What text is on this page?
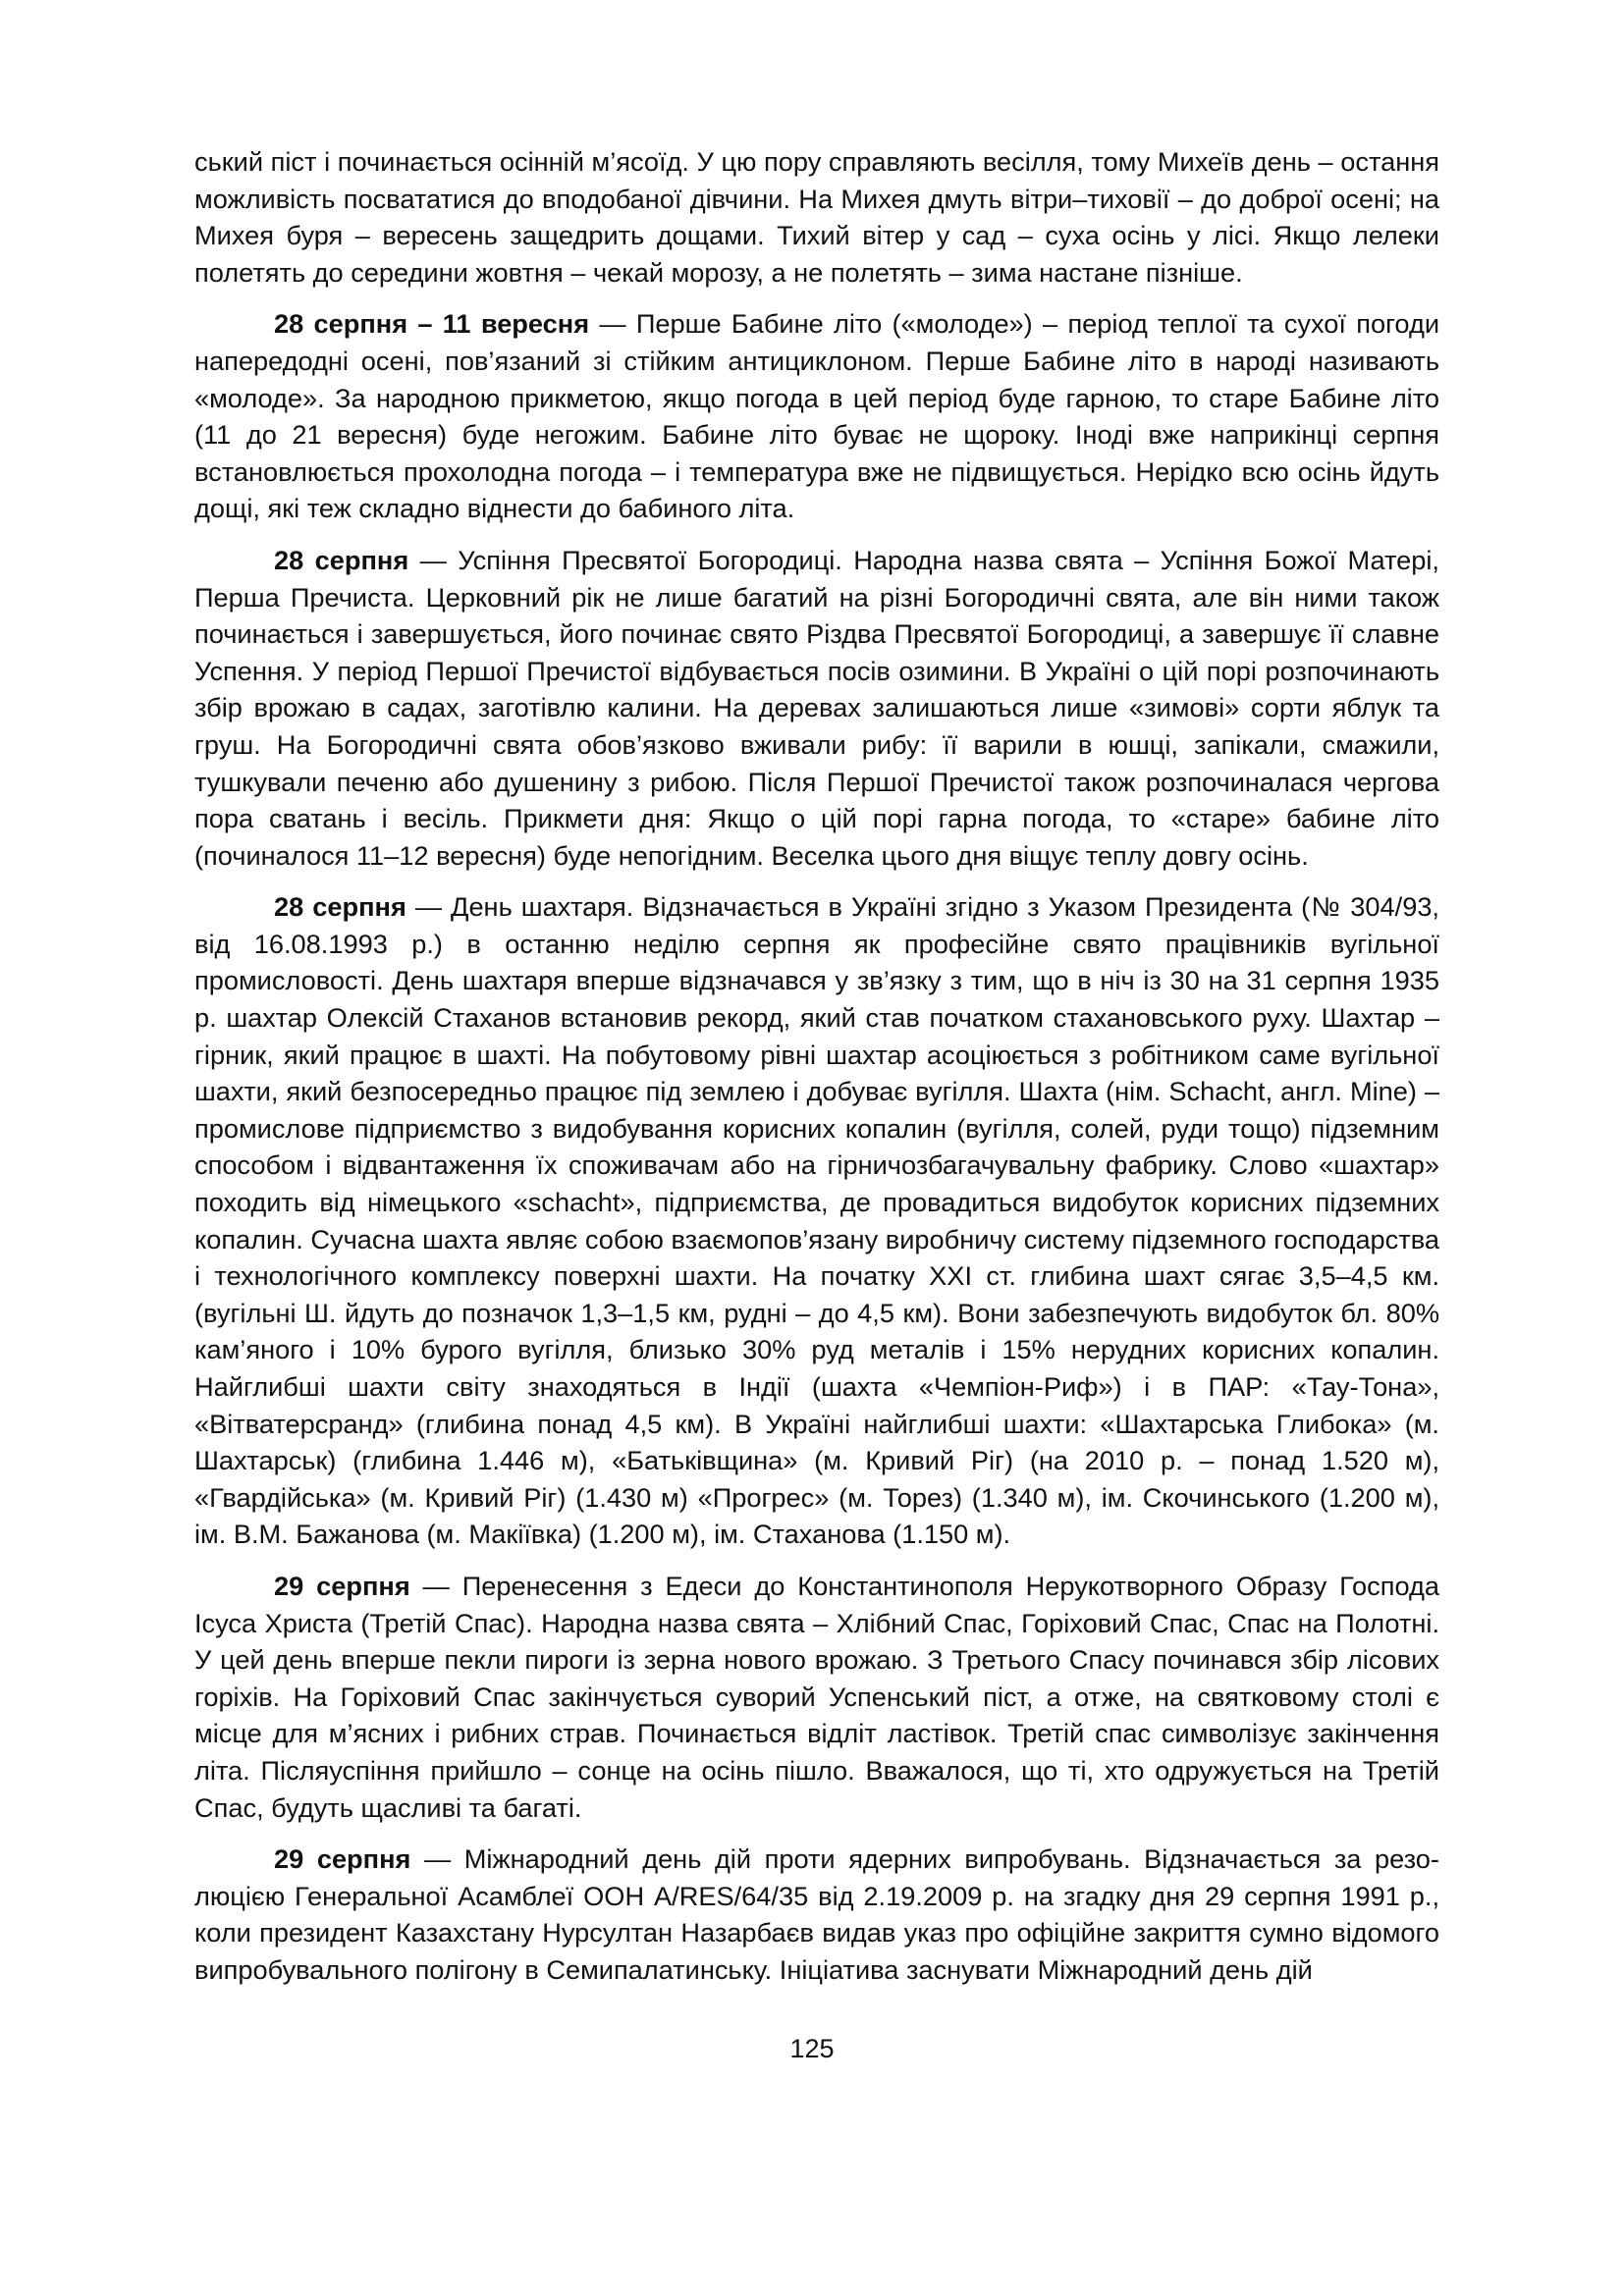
ський піст і починається осінній м’ясоїд. У цю пору справляють весілля, тому Михеїв день – остання можливість посвататися до вподобаної дівчини. На Михея дмуть вітри–тиховії – до доброї осені; на Михея буря – вересень защедрить дощами. Тихий вітер у сад – суха осінь у лісі. Якщо лелеки полетять до середини жовтня – чекай морозу, а не полетять – зима настане пізніше.

28 серпня – 11 вересня — Перше Бабине літо («молоде») – період теплої та сухої погоди напередодні осені, пов’язаний зі стійким антициклоном. Перше Бабине літо в народі називають «молоде». За народною прикметою, якщо погода в цей період буде гарною, то старе Бабине літо (11 до 21 вересня) буде негожим. Бабине літо буває не щороку. Іноді вже наприкінці серпня встановлюється прохолодна погода – і температура вже не підвищується. Нерідко всю осінь йдуть дощі, які теж складно віднести до бабиного літа.

28 серпня — Успіння Пресвятої Богородиці. Народна назва свята – Успіння Божої Матері, Перша Пречиста. Церковний рік не лише багатий на різні Богородичні свята, але він ними також починається і завершується, його починає свято Різдва Пресвятої Богородиці, а завершує її славне Успення. У період Першої Пречистої відбувається посів озимини. В Україні о цій порі розпочинають збір врожаю в садах, заготівлю калини. На деревах залишаються лише «зимові» сорти яблук та груш. На Богородичні свята обов’язково вживали рибу: її варили в юшці, запікали, смажили, тушкували печеню або душенину з рибою. Після Першої Пречистої також розпочиналася чергова пора сватань і весіль. Прикмети дня: Якщо о цій порі гарна погода, то «старе» бабине літо (починалося 11–12 вересня) буде непогідним. Веселка цього дня віщує теплу довгу осінь.

28 серпня — День шахтаря. Відзначається в Україні згідно з Указом Президента (№ 304/93, від 16.08.1993 р.) в останню неділю серпня як професійне свято працівників вугільної промисловості. День шахтаря вперше відзначався у зв’язку з тим, що в ніч із 30 на 31 серпня 1935 р. шахтар Олексій Стаханов встановив рекорд, який став початком стахановського руху. Шахтар – гірник, який працює в шахті. На побутовому рівні шахтар асоціюється з робітником саме вугільної шахти, який безпосередньо працює під землею і добуває вугілля. Шахта (нім. Schacht, англ. Mine) – промислове підприємство з видобування корисних копалин (вугілля, солей, руди тощо) підземним способом і відвантаження їх споживачам або на гірничозбагачувальну фабрику. Слово «шахтар» походить від німецького «schacht», підприємства, де провадиться видобуток корисних підземних копалин. Сучасна шахта являє собою взаємопов’язану виробничу систему підземного господарства і технологічного комплексу поверхні шахти. На початку XXI ст. глибина шахт сягає 3,5–4,5 км. (вугільні Ш. йдуть до позначок 1,3–1,5 км, рудні – до 4,5 км). Вони забезпечують видобуток бл. 80% кам’яного і 10% бурого вугілля, близько 30% руд металів і 15% нерудних корисних копалин. Найглибші шахти світу знаходяться в Індії (шахта «Чемпіон-Риф») і в ПАР: «Тау-Тона», «Вітватерсранд» (глибина понад 4,5 км). В Україні найглибші шахти: «Шахтарська Глибока» (м. Шахтарськ) (глибина 1.446 м), «Батьківщина» (м. Кривий Ріг) (на 2010 р. – понад 1.520 м), «Гвардійська» (м. Кривий Ріг) (1.430 м) «Прогрес» (м. Торез) (1.340 м), ім. Скочинського (1.200 м), ім. В.М. Бажанова (м. Макіївка) (1.200 м), ім. Стаханова (1.150 м).

29 серпня — Перенесення з Едеси до Константинополя Нерукотворного Образу Господа Ісуса Христа (Третій Спас). Народна назва свята – Хлібний Спас, Горіховий Спас, Спас на Полотні. У цей день вперше пекли пироги із зерна нового врожаю. З Третього Спасу починався збір лісових горіхів. На Горіховий Спас закінчується суворий Успенський піст, а отже, на святковому столі є місце для м’ясних і рибних страв. Починається відліт ластівок. Третій спас символізує закінчення літа. Післяуспіння прийшло – сонце на осінь пішло. Вважалося, що ті, хто одружується на Третій Спас, будуть щасливі та багаті.

29 серпня — Міжнародний день дій проти ядерних випробувань. Відзначається за резолюцією Генеральної Асамблеї ООН A/RES/64/35 від 2.19.2009 р. на згадку дня 29 серпня 1991 р., коли президент Казахстану Нурсултан Назарбаєв видав указ про офіційне закриття сумно відомого випробувального полігону в Семипалатинську. Ініціатива заснувати Міжнародний день дій

125
